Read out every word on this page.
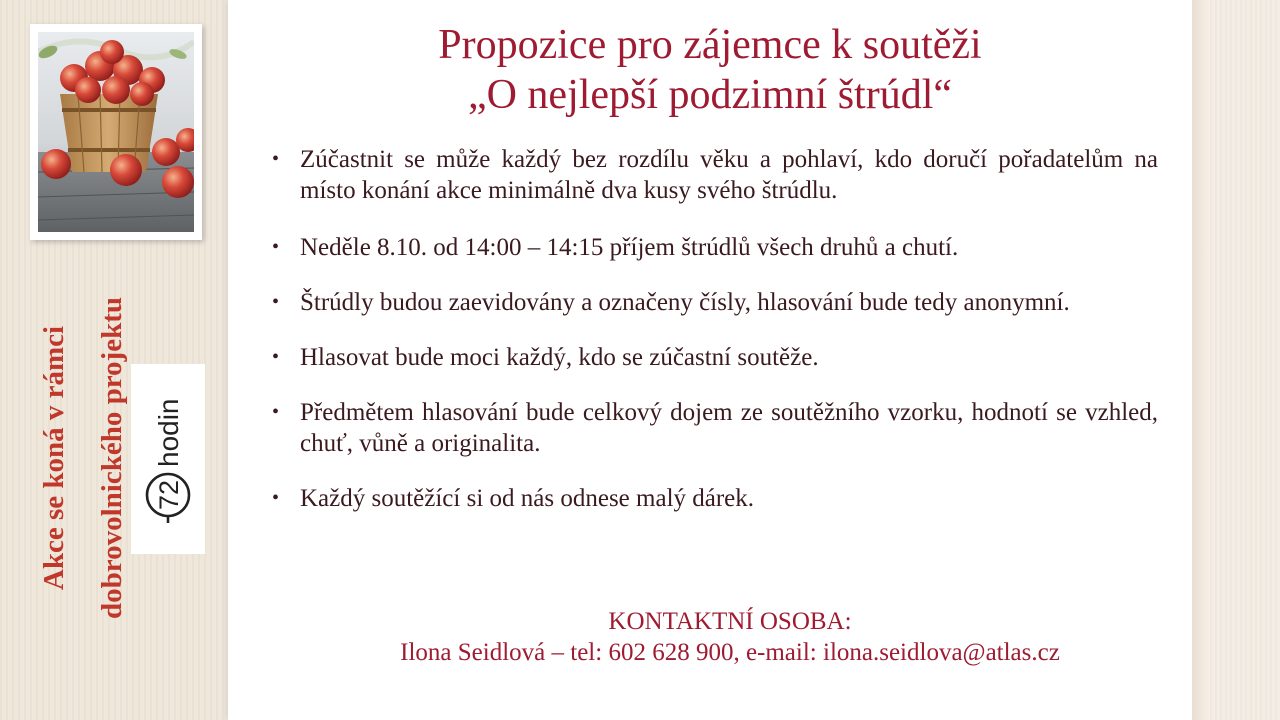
Akce se koná v rámci dobrovolnického projektu 72
hodin
Propozice pro zájemce k soutěži
„O nejlepší podzimní štrúdl“
• Zúčastnit se může každý bez rozdílu věku a pohlaví, kdo doručí pořadatelům na místo konání akce minimálně dva kusy svého štrúdlu.
• Neděle 8.10. od 14:00 – 14:15 příjem štrúdlů všech druhů a chutí.
• Štrúdly budou zaevidovány a označeny čísly, hlasování bude tedy anonymní.
• Hlasovat bude moci každý, kdo se zúčastní soutěže.
• Předmětem hlasování bude celkový dojem ze soutěžního vzorku, hodnotí se vzhled, chuť, vůně a originalita.
• Každý soutěžící si od nás odnese malý dárek.
KONTAKTNÍ OSOBA:
Ilona Seidlová – tel: 602 628 900, e-mail: ilona.seidlova@atlas.cz
